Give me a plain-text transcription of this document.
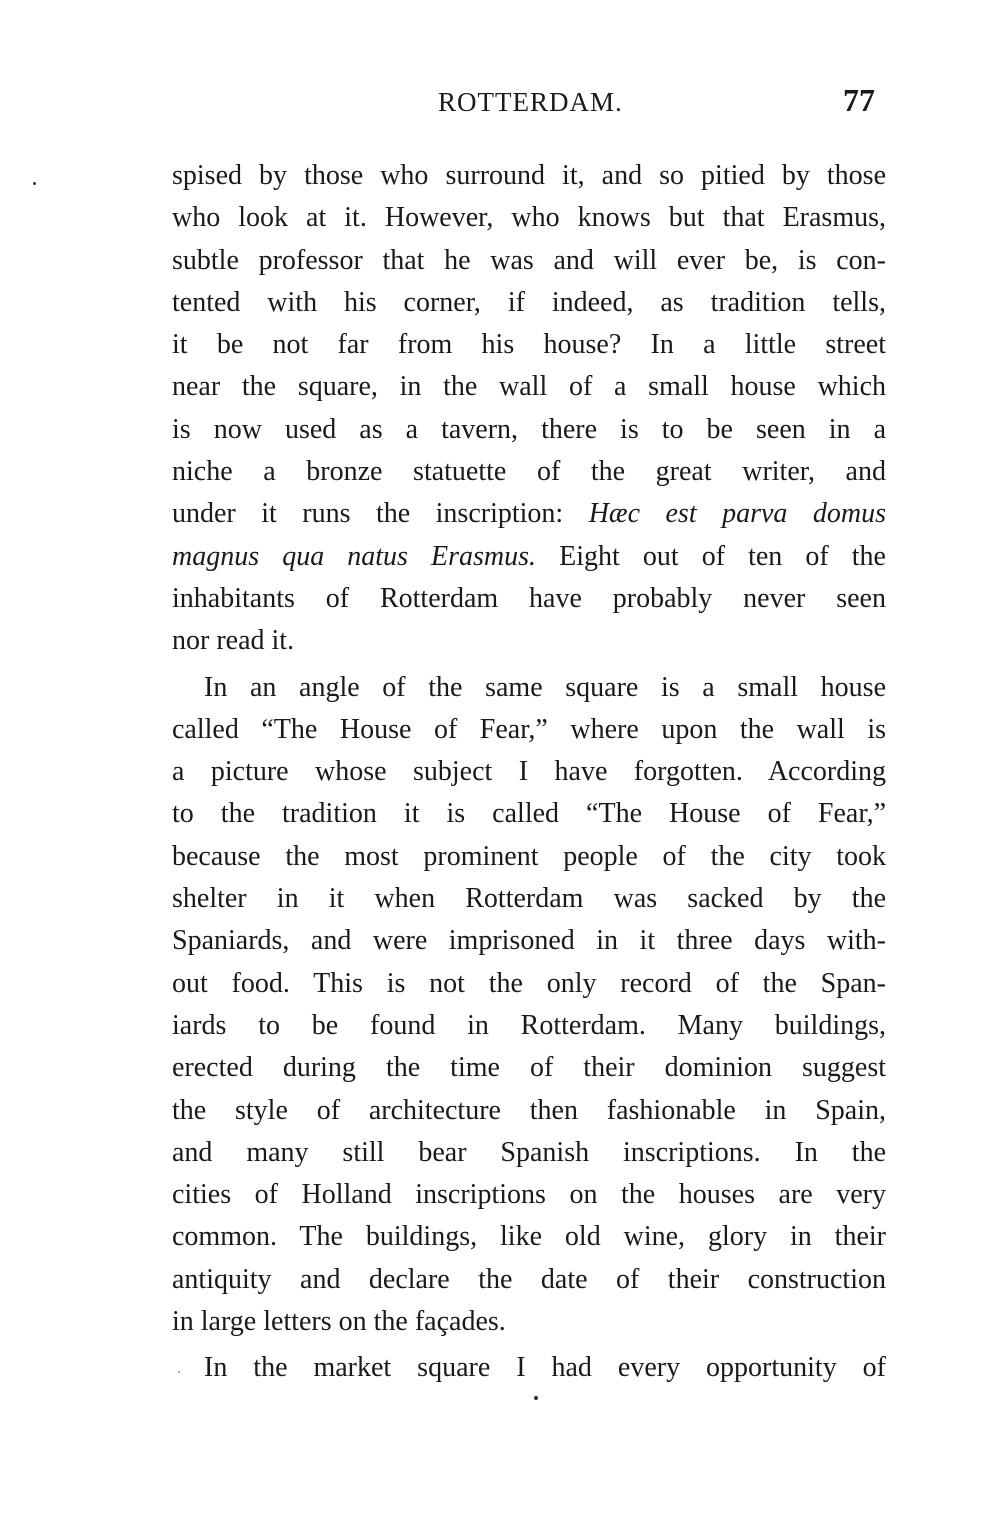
ROTTERDAM.	77
spised by those who surround it, and so pitied by those
who look at it. However, who knows but that Erasmus,
subtle professor that he was and will ever be, is con-
tented with his corner, if indeed, as tradition tells,
it be not far from his house? In a little street
near the square, in the wall of a small house which
is now used as a tavern, there is to be seen in a
niche a bronze statuette of the great writer, and
under it runs the inscription: Hæc est parva domus
magnus qua natus Erasmus. Eight out of ten of the
inhabitants of Rotterdam have probably never seen
nor read it.
In an angle of the same square is a small house
called “The House of Fear,” where upon the wall is
a picture whose subject I have forgotten. According
to the tradition it is called “The House of Fear,”
because the most prominent people of the city took
shelter in it when Rotterdam was sacked by the
Spaniards, and were imprisoned in it three days with-
out food. This is not the only record of the Span-
iards to be found in Rotterdam. Many buildings,
erected during the time of their dominion suggest
the style of architecture then fashionable in Spain,
and many still bear Spanish inscriptions. In the
cities of Holland inscriptions on the houses are very
common. The buildings, like old wine, glory in their
antiquity and declare the date of their construction
in large letters on the façades.
In the market square I had every opportunity of
